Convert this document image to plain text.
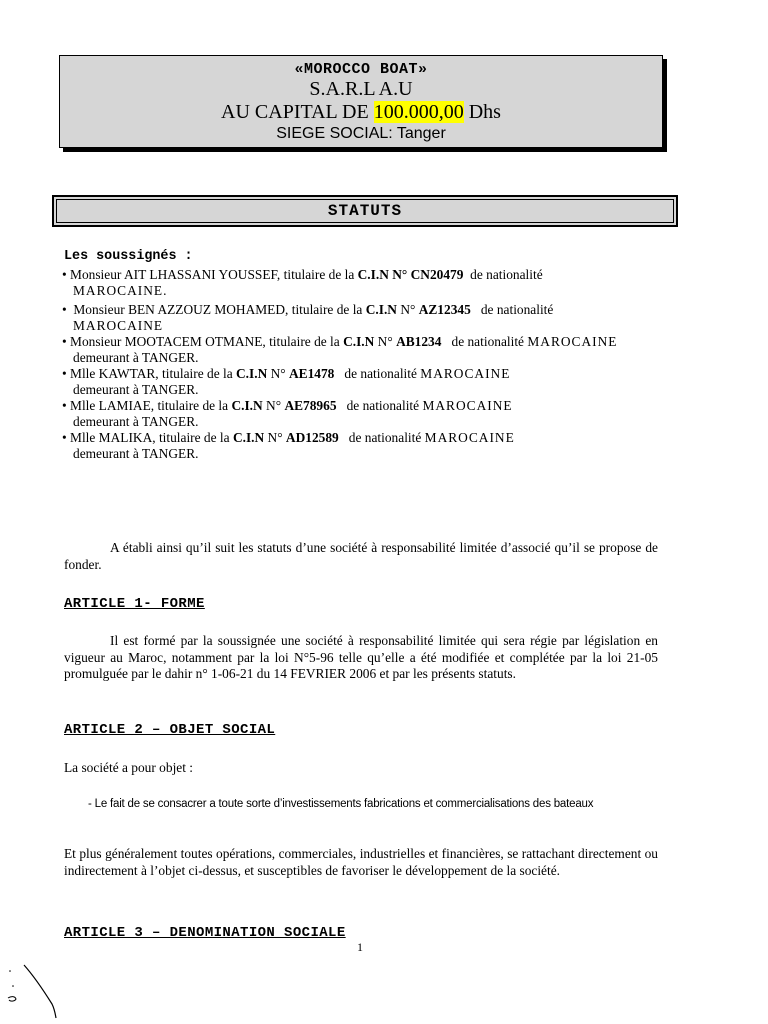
«MOROCCO BOAT»
S.A.R.L A.U
AU CAPITAL DE 100.000,00 Dhs
SIEGE SOCIAL: Tanger
STATUTS
Les soussignés :
• Monsieur AIT LHASSANI YOUSSEF, titulaire de la C.I.N N° CN20479 de nationalité
MAROCAINE.
•  Monsieur BEN AZZOUZ MOHAMED, titulaire de la C.I.N N° AZ12345 de nationalité
MAROCAINE
• Monsieur MOOTACEM OTMANE, titulaire de la C.I.N N° AB1234 de nationalité MAROCAINE
demeurant à TANGER.
• Mlle KAWTAR, titulaire de la C.I.N N° AE1478 de nationalité MAROCAINE
demeurant à TANGER.
• Mlle LAMIAE, titulaire de la C.I.N N° AE78965 de nationalité MAROCAINE
demeurant à TANGER.
• Mlle MALIKA, titulaire de la C.I.N N° AD12589 de nationalité MAROCAINE
demeurant à TANGER.
A établi ainsi qu’il suit les statuts d’une société à responsabilité limitée d’associé qu’il se propose de fonder.
ARTICLE 1- FORME
Il est formé par la soussignée une société à responsabilité limitée qui sera régie par législation en vigueur au Maroc, notamment par la loi N°5-96 telle qu’elle a été modifiée et complétée par la loi 21-05 promulguée par le dahir n° 1-06-21 du 14 FEVRIER 2006 et par les présents statuts.
ARTICLE 2 – OBJET SOCIAL
La société a pour objet :
- Le fait de se consacrer a toute sorte d’investissements fabrications et commercialisations des bateaux
Et plus généralement toutes opérations, commerciales, industrielles et financières, se rattachant directement ou indirectement à l’objet ci-dessus, et susceptibles de favoriser le développement de la société.
ARTICLE 3 – DENOMINATION SOCIALE
1
